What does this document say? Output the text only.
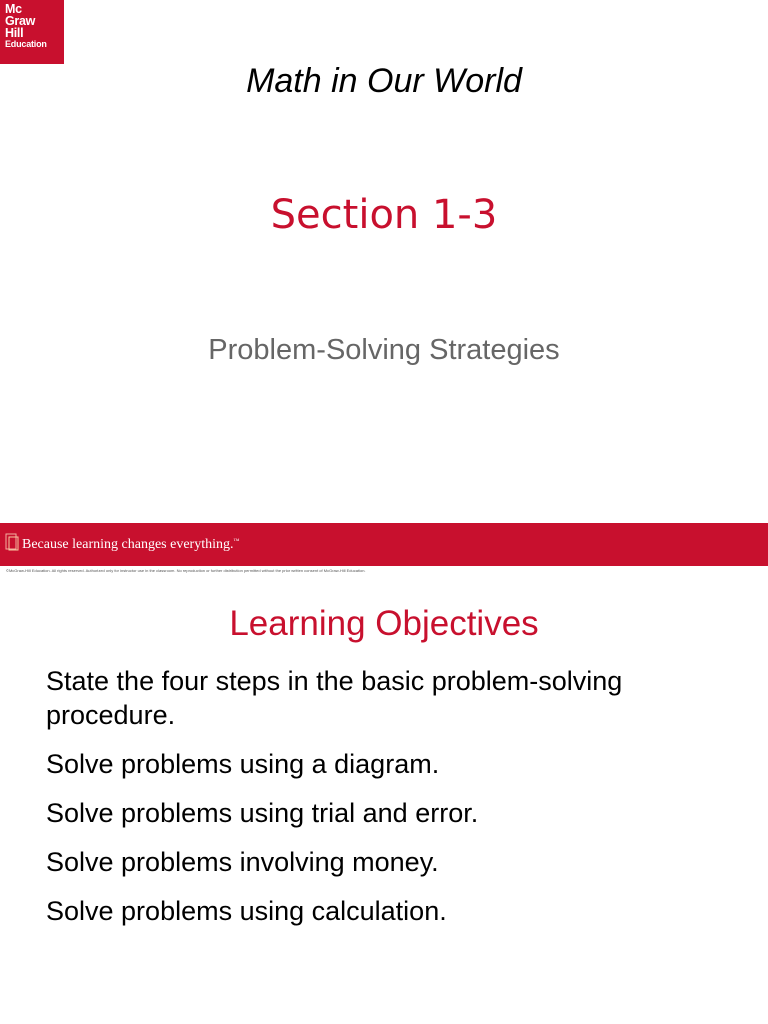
Mc
Graw
Hill
Education
Math in Our World
Section 1-3
Problem-Solving Strategies
Because learning changes everything.™
©McGraw-Hill Education. All rights reserved. Authorized only for instructor use in the classroom. No reproduction or further distribution permitted without the prior written consent of McGraw-Hill Education.
Learning Objectives
State the four steps in the basic problem-solving procedure.
Solve problems using a diagram.
Solve problems using trial and error.
Solve problems involving money.
Solve problems using calculation.
